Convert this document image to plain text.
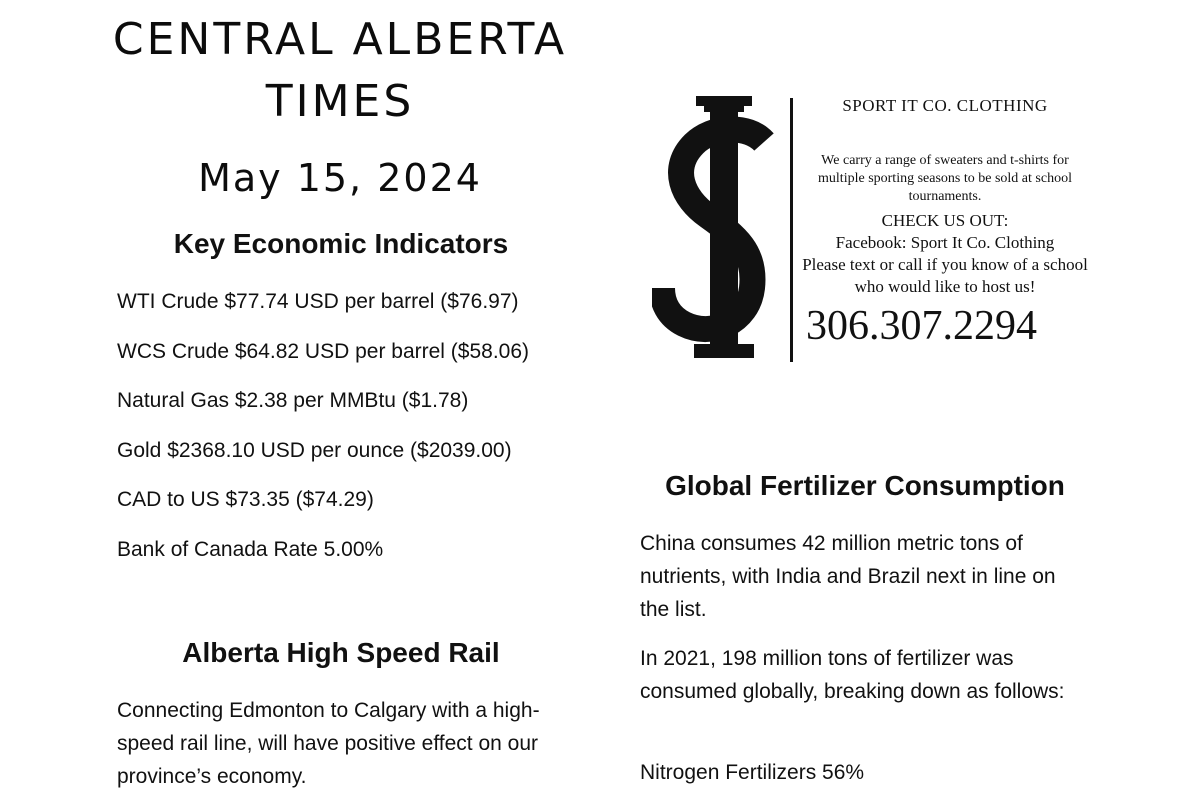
CENTRAL ALBERTA
TIMES
May 15, 2024
Key Economic Indicators
WTI Crude $77.74 USD per barrel ($76.97)
WCS Crude $64.82 USD per barrel ($58.06)
Natural Gas $2.38 per MMBtu ($1.78)
Gold $2368.10 USD per ounce ($2039.00)
CAD to US $73.35 ($74.29)
Bank of Canada Rate 5.00%
Alberta High Speed Rail

Connecting Edmonton to Calgary with a high-speed rail line, will have positive effect on our province’s economy.

SPORT IT CO. CLOTHING
We carry a range of sweaters and t-shirts for multiple sporting seasons to be sold at school tournaments.
CHECK US OUT:
Facebook: Sport It Co. Clothing
Please text or call if you know of a school who would like to host us!
306.307.2294
Global Fertilizer Consumption

China consumes 42 million metric tons of nutrients, with India and Brazil next in line on the list.

In 2021, 198 million tons of fertilizer was consumed globally, breaking down as follows:

Nitrogen Fertilizers 56%
